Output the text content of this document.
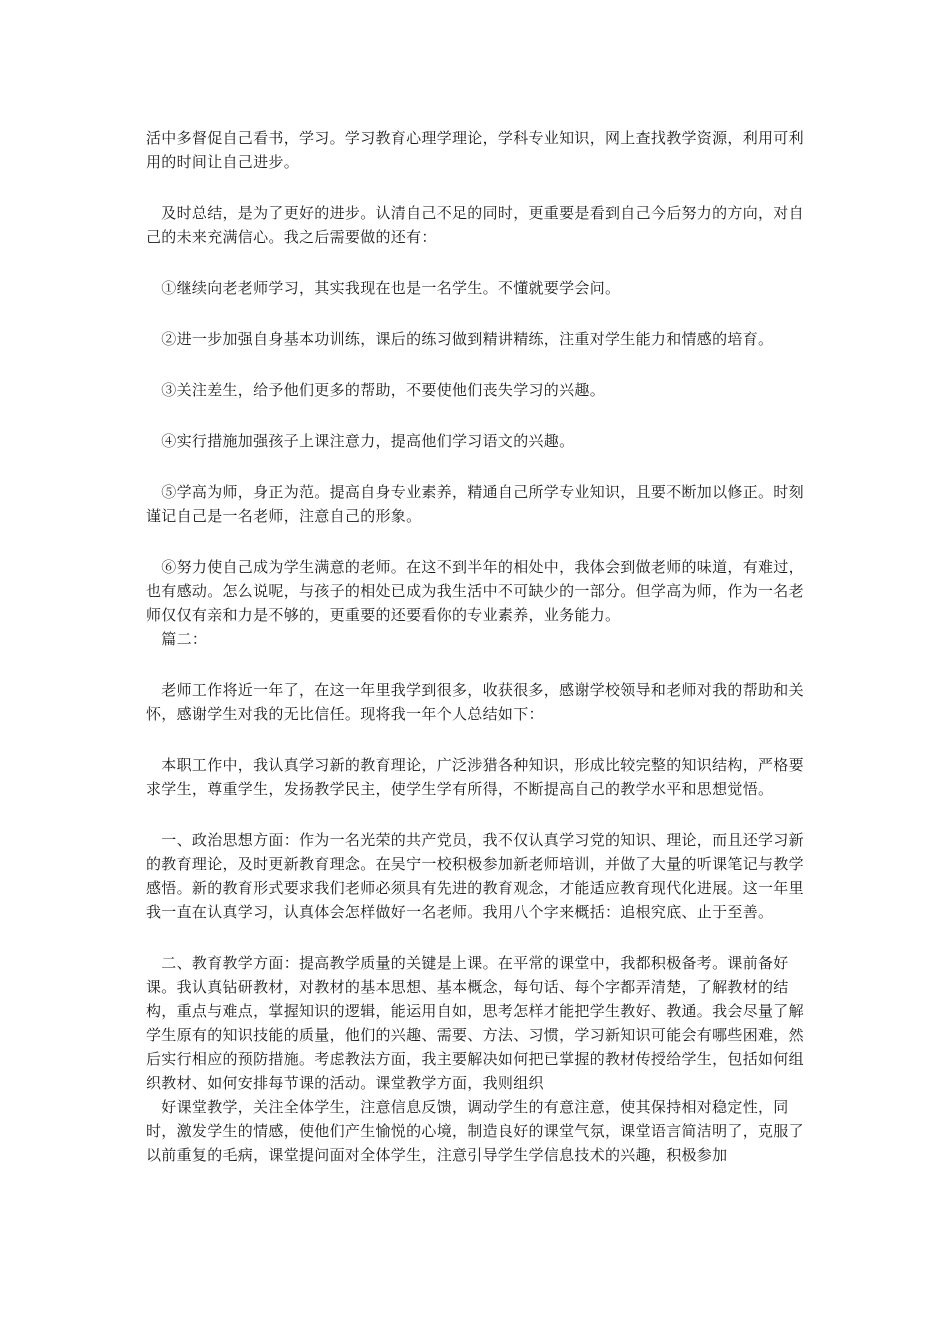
活中多督促自己看书，学习。学习教育心理学理论，学科专业知识，网上查找教学资源，利用可利用的时间让自己进步。

　及时总结，是为了更好的进步。认清自己不足的同时，更重要是看到自己今后努力的方向，对自己的未来充满信心。我之后需要做的还有：

　①继续向老老师学习，其实我现在也是一名学生。不懂就要学会问。

　②进一步加强自身基本功训练，课后的练习做到精讲精练，注重对学生能力和情感的培育。

　③关注差生，给予他们更多的帮助，不要使他们丧失学习的兴趣。

　④实行措施加强孩子上课注意力，提高他们学习语文的兴趣。

　⑤学高为师，身正为范。提高自身专业素养，精通自己所学专业知识，且要不断加以修正。时刻谨记自己是一名老师，注意自己的形象。

　⑥努力使自己成为学生满意的老师。在这不到半年的相处中，我体会到做老师的味道，有难过，也有感动。怎么说呢，与孩子的相处已成为我生活中不可缺少的一部分。但学高为师，作为一名老师仅仅有亲和力是不够的，更重要的还要看你的专业素养，业务能力。

　篇二：

　老师工作将近一年了，在这一年里我学到很多，收获很多，感谢学校领导和老师对我的帮助和关怀，感谢学生对我的无比信任。现将我一年个人总结如下：

　本职工作中，我认真学习新的教育理论，广泛涉猎各种知识，形成比较完整的知识结构，严格要求学生，尊重学生，发扬教学民主，使学生学有所得，不断提高自己的教学水平和思想觉悟。

　一、政治思想方面：作为一名光荣的共产党员，我不仅认真学习党的知识、理论，而且还学习新的教育理论，及时更新教育理念。在吴宁一校积极参加新老师培训，并做了大量的听课笔记与教学感悟。新的教育形式要求我们老师必须具有先进的教育观念，才能适应教育现代化进展。这一年里我一直在认真学习，认真体会怎样做好一名老师。我用八个字来概括：追根究底、止于至善。

　二、教育教学方面：提高教学质量的关键是上课。在平常的课堂中，我都积极备考。课前备好课。我认真钻研教材，对教材的基本思想、基本概念，每句话、每个字都弄清楚，了解教材的结构，重点与难点，掌握知识的逻辑，能运用自如，思考怎样才能把学生教好、教通。我会尽量了解学生原有的知识技能的质量，他们的兴趣、需要、方法、习惯，学习新知识可能会有哪些困难，然后实行相应的预防措施。考虑教法方面，我主要解决如何把已掌握的教材传授给学生，包括如何组织教材、如何安排每节课的活动。课堂教学方面，我则组织

　好课堂教学，关注全体学生，注意信息反馈，调动学生的有意注意，使其保持相对稳定性，同时，激发学生的情感，使他们产生愉悦的心境，制造良好的课堂气氛，课堂语言简洁明了，克服了以前重复的毛病，课堂提问面对全体学生，注意引导学生学信息技术的兴趣，积极参加
